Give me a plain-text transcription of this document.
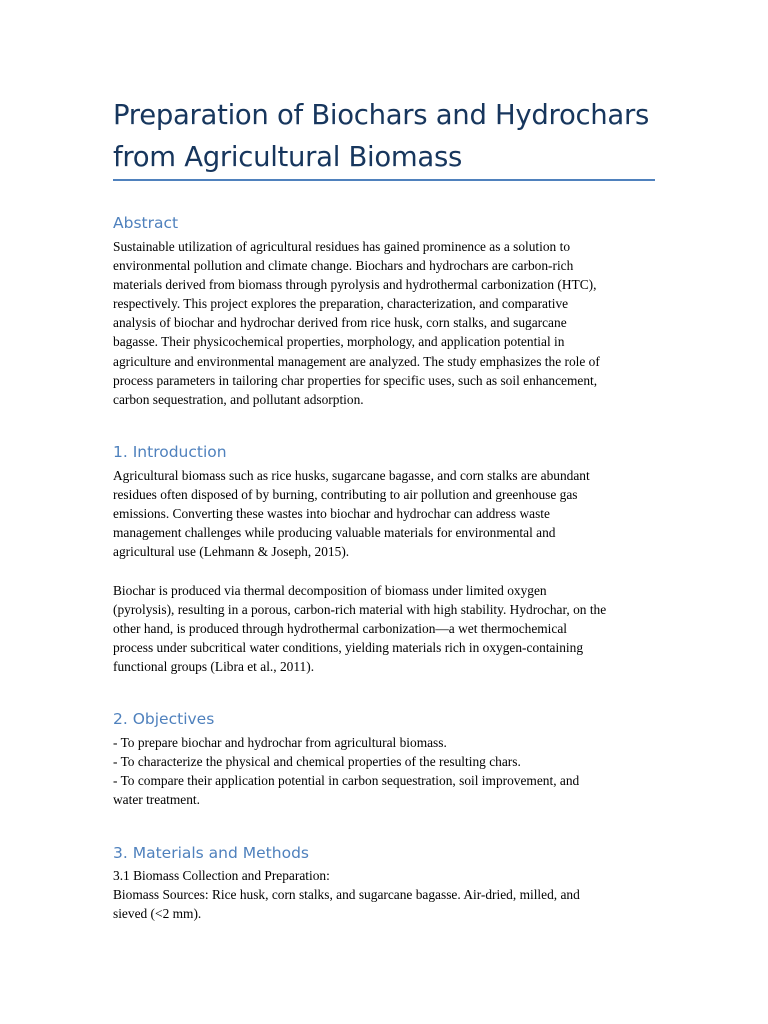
Preparation of Biochars and Hydrochars from Agricultural Biomass
Abstract

Sustainable utilization of agricultural residues has gained prominence as a solution to
environmental pollution and climate change. Biochars and hydrochars are carbon-rich
materials derived from biomass through pyrolysis and hydrothermal carbonization (HTC),
respectively. This project explores the preparation, characterization, and comparative
analysis of biochar and hydrochar derived from rice husk, corn stalks, and sugarcane
bagasse. Their physicochemical properties, morphology, and application potential in
agriculture and environmental management are analyzed. The study emphasizes the role of
process parameters in tailoring char properties for specific uses, such as soil enhancement,
carbon sequestration, and pollutant adsorption.

1. Introduction

Agricultural biomass such as rice husks, sugarcane bagasse, and corn stalks are abundant
residues often disposed of by burning, contributing to air pollution and greenhouse gas
emissions. Converting these wastes into biochar and hydrochar can address waste
management challenges while producing valuable materials for environmental and
agricultural use (Lehmann & Joseph, 2015).

Biochar is produced via thermal decomposition of biomass under limited oxygen
(pyrolysis), resulting in a porous, carbon-rich material with high stability. Hydrochar, on the
other hand, is produced through hydrothermal carbonization—a wet thermochemical
process under subcritical water conditions, yielding materials rich in oxygen-containing
functional groups (Libra et al., 2011).

2. Objectives
- To prepare biochar and hydrochar from agricultural biomass.
- To characterize the physical and chemical properties of the resulting chars.
- To compare their application potential in carbon sequestration, soil improvement, and
water treatment.
3. Materials and Methods

3.1 Biomass Collection and Preparation:

Biomass Sources: Rice husk, corn stalks, and sugarcane bagasse. Air-dried, milled, and
sieved (<2 mm).
